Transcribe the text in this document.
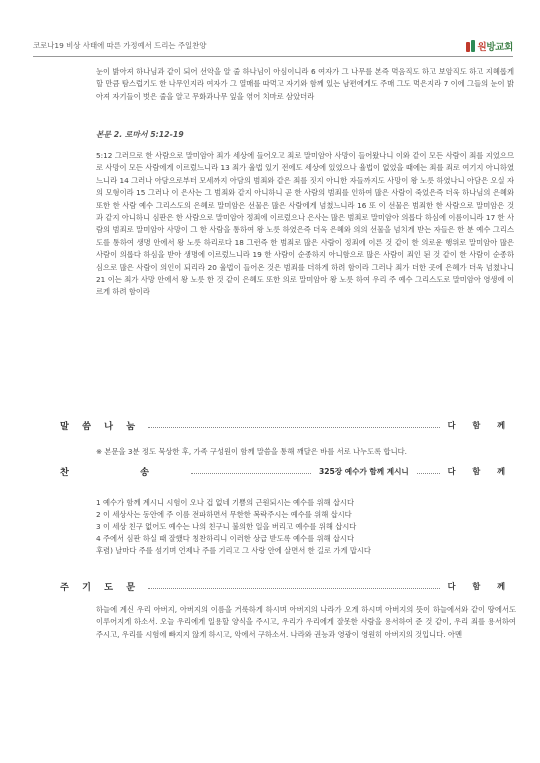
코로나19 비상 사태에 따른 가정예서 드리는 주일찬양	원방교회
눈이 밝아져 하나님과 같이 되어 선악을 알 줄 하나님이 아심이니라 6 여자가 그 나무를 본즉 먹음직도 하고 보암직도 하고 지혜롭게 할 만큼 탐스럽기도 한 나무인지라 여자가 그 열매를 따먹고 자기와 함께 있는 남편에게도 주매 그도 먹은지라 7 이에 그들의 눈이 밝아져 자기들이 벗은 줄을 알고 무화과나무 잎을 엮어 치마로 삼았더라
본문 2. 로마서 5:12-19
5:12 그러므로 한 사람으로 말미암아 죄가 세상에 들어오고 죄로 말미암아 사망이 들어왔나니 이와 같이 모든 사람이 죄를 지었으므로 사망이 모든 사람에게 이르렀느니라 13 죄가 율법 있기 전에도 세상에 있었으나 율법이 없었을 때에는 죄를 죄로 여기지 아니하였느니라 14 그러나 아담으로부터 모세까지 아담의 범죄와 같은 죄를 짓지 아니한 자들까지도 사망이 왕 노릇 하였나니 아담은 오실 자의 모형이라 15 그러나 이 은사는 그 범죄와 같지 아니하니 곧 한 사람의 범죄를 인하여 많은 사람이 죽었은즉 더욱 하나님의 은혜와 또한 한 사람 예수 그리스도의 은혜로 말미암은 선물은 많은 사람에게 넘쳤느니라 16 또 이 선물은 범죄한 한 사람으로 말미암은 것과 같지 아니하니 심판은 한 사람으로 말미암아 정죄에 이르렀으나 은사는 많은 범죄로 말미암아 의롭다 하심에 이름이니라 17 한 사람의 범죄로 말미암아 사망이 그 한 사람을 통하여 왕 노릇 하였은즉 더욱 은혜와 의의 선물을 넘치게 받는 자들은 한 분 예수 그리스도를 통하여 생명 안에서 왕 노릇 하리로다 18 그런즉 한 범죄로 많은 사람이 정죄에 이른 것 같이 한 의로운 행위로 말미암아 많은 사람이 의롭다 하심을 받아 생명에 이르렀느니라 19 한 사람이 순종하지 아니함으로 많은 사람이 죄인 된 것 같이 한 사람이 순종하심으로 많은 사람이 의인이 되리라 20 율법이 들어온 것은 범죄를 더하게 하려 함이라 그러나 죄가 더한 곳에 은혜가 더욱 넘쳤나니 21 이는 죄가 사망 안에서 왕 노릇 한 것 같이 은혜도 또한 의로 말미암아 왕 노릇 하여 우리 주 예수 그리스도로 말미암아 영생에 이르게 하려 함이라
말 씀 나 눔	다 함 께
※ 본문을 3분 정도 묵상한 후, 가족 구성원이 함께 말씀을 통해 깨달은 바를 서로 나누도록 합니다.
찬 송	325장 예수가 함께 계시니	다 함 께
1 예수가 함께 계시니 시험이 오나 겁 없네 기쁨의 근원되시는 예수를 위해 삽시다
2 이 세상사는 동안에 주 이름 전파하면서 무한한 복락주시는 예수를 위해 삽시다
3 이 세상 친구 없어도 예수는 나의 친구니 불의한 일을 버리고 예수를 위해 삽시다
4 주에서 심판 하실 때 잘했다 칭찬하리니 이러한 상급 받도록 예수를 위해 삽시다
후렴) 날마다 주를 섬기며 언제나 주를 기리고 그 사랑 안에 살면서 한 길로 가게 맙시다
주 기 도 문	다 함 께
하늘에 계신 우리 아버지, 아버지의 이름을 거룩하게 하시며 아버지의 나라가 오게 하시며 아버지의 뜻이 하늘에서와 같이 땅에서도 이루어지게 하소서. 오늘 우리에게 일용할 양식을 주시고, 우리가 우리에게 잘못한 사람을 용서하여 준 것 같이, 우리 죄를 용서하여 주시고, 우리를 시험에 빠지지 않게 하시고, 악에서 구하소서. 나라와 권능과 영광이 영원히 아버지의 것입니다. 아멘
